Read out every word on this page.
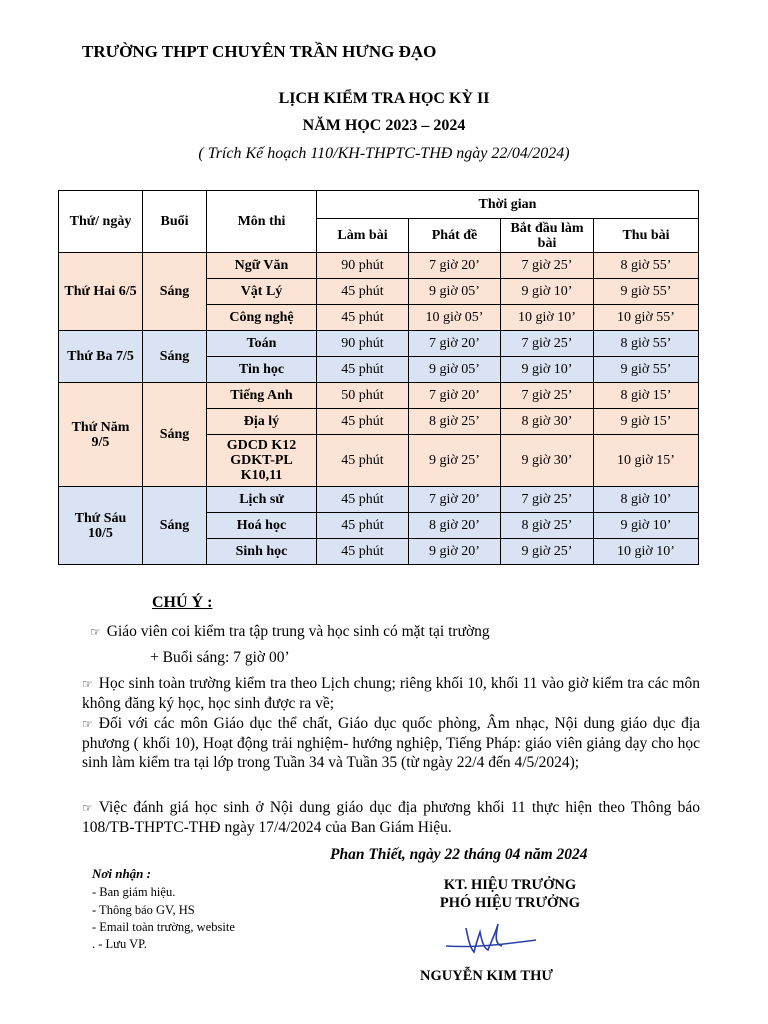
TRƯỜNG THPT CHUYÊN TRẦN HƯNG ĐẠO
LỊCH KIỂM TRA HỌC KỲ II
NĂM HỌC 2023 – 2024
( Trích Kế hoạch 110/KH-THPTC-THĐ ngày 22/04/2024)
Thứ/ ngày	Buổi	Môn thi	Thời gian			
			Làm bài	Phát đề	Bắt đầu làm bài	Thu bài
Thứ Hai 6/5	Sáng	Ngữ Văn	90 phút	7 giờ 20’	7 giờ 25’	8 giờ 55’
		Vật Lý	45 phút	9 giờ 05’	9 giờ 10’	9 giờ 55’
		Công nghệ	45 phút	10 giờ 05’	10 giờ 10’	10 giờ 55’
Thứ Ba 7/5	Sáng	Toán	90 phút	7 giờ 20’	7 giờ 25’	8 giờ 55’
		Tin học	45 phút	9 giờ 05’	9 giờ 10’	9 giờ 55’
Thứ Năm 9/5	Sáng	Tiếng Anh	50 phút	7 giờ 20’	7 giờ 25’	8 giờ 15’
		Địa lý	45 phút	8 giờ 25’	8 giờ 30’	9 giờ 15’
		GDCD K12 GDKT-PL K10,11	45 phút	9 giờ 25’	9 giờ 30’	10 giờ 15’
Thứ Sáu 10/5	Sáng	Lịch sử	45 phút	7 giờ 20’	7 giờ 25’	8 giờ 10’
		Hoá học	45 phút	8 giờ 20’	8 giờ 25’	9 giờ 10’
		Sinh học	45 phút	9 giờ 20’	9 giờ 25’	10 giờ 10’
CHÚ Ý :
☞ Giáo viên coi kiểm tra tập trung và học sinh có mặt tại trường
+ Buổi sáng: 7 giờ 00’
☞ Học sinh toàn trường kiểm tra theo Lịch chung; riêng khối 10, khối 11 vào giờ kiểm tra các môn không đăng ký học, học sinh được ra về;
☞ Đối với các môn Giáo dục thể chất, Giáo dục quốc phòng, Âm nhạc, Nội dung giáo dục địa phương ( khối 10), Hoạt động trải nghiệm- hướng nghiệp, Tiếng Pháp: giáo viên giảng dạy cho học sinh làm kiểm tra tại lớp trong Tuần 34 và Tuần 35 (từ ngày 22/4 đến 4/5/2024);
☞ Việc đánh giá học sinh ở Nội dung giáo dục địa phương khối 11 thực hiện theo Thông báo 108/TB-THPTC-THĐ ngày 17/4/2024 của Ban Giám Hiệu.
Phan Thiết, ngày 22 tháng 04 năm 2024
Nơi nhận :
- Ban giám hiệu.
- Thông báo GV, HS
- Email toàn trường, website
. - Lưu VP.
KT. HIỆU TRƯỞNG
PHÓ HIỆU TRƯỞNG
NGUYỄN KIM THƯ
